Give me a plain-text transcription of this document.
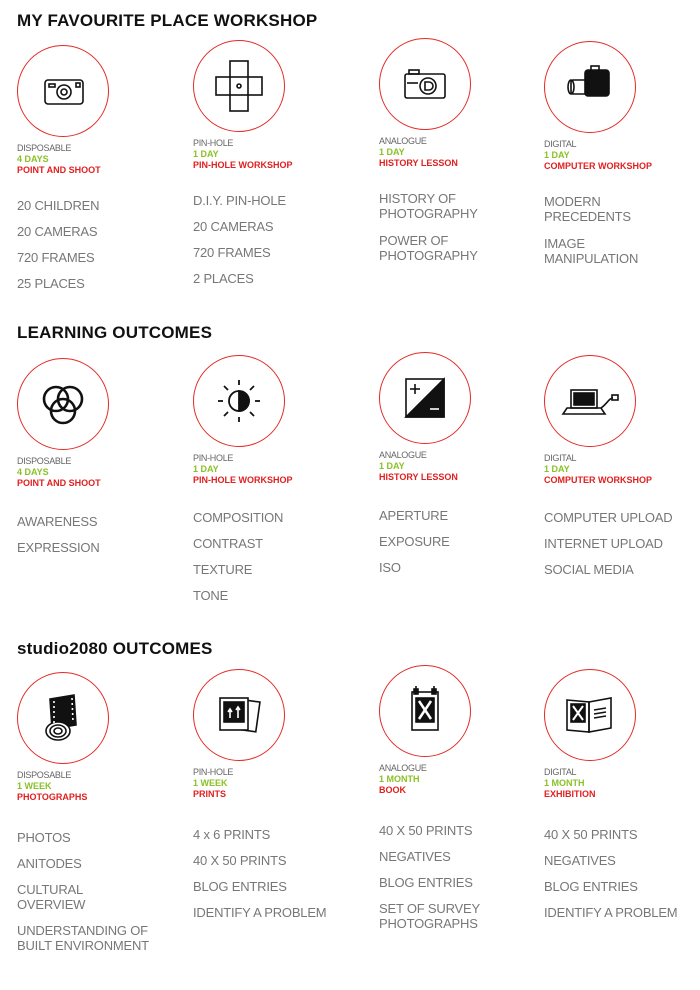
MY FAVOURITE PLACE WORKSHOP
DISPOSABLE
4 DAYS
POINT AND SHOOT
20 CHILDREN
20 CAMERAS
720 FRAMES
25 PLACES
PIN-HOLE
1 DAY
PIN-HOLE WORKSHOP
D.I.Y. PIN-HOLE
20 CAMERAS
720 FRAMES
2 PLACES
ANALOGUE
1 DAY
HISTORY LESSON
HISTORY OF
PHOTOGRAPHY
POWER OF
PHOTOGRAPHY
DIGITAL
1 DAY
COMPUTER WORKSHOP
MODERN
PRECEDENTS
IMAGE
MANIPULATION
LEARNING OUTCOMES
DISPOSABLE
4 DAYS
POINT AND SHOOT
AWARENESS
EXPRESSION
PIN-HOLE
1 DAY
PIN-HOLE WORKSHOP
COMPOSITION
CONTRAST
TEXTURE
TONE
ANALOGUE
1 DAY
HISTORY LESSON
APERTURE
EXPOSURE
ISO
DIGITAL
1 DAY
COMPUTER WORKSHOP
COMPUTER UPLOAD
INTERNET UPLOAD
SOCIAL MEDIA
studio2080 OUTCOMES
DISPOSABLE
1 WEEK
PHOTOGRAPHS
PHOTOS
ANITODES
CULTURAL
OVERVIEW
UNDERSTANDING OF
BUILT ENVIRONMENT
PIN-HOLE
1 WEEK
PRINTS
4 x 6 PRINTS
40 X 50 PRINTS
BLOG ENTRIES
IDENTIFY A PROBLEM
ANALOGUE
1 MONTH
BOOK
40 X 50 PRINTS
NEGATIVES
BLOG ENTRIES
SET OF SURVEY
PHOTOGRAPHS
DIGITAL
1 MONTH
EXHIBITION
40 X 50 PRINTS
NEGATIVES
BLOG ENTRIES
IDENTIFY A PROBLEM
